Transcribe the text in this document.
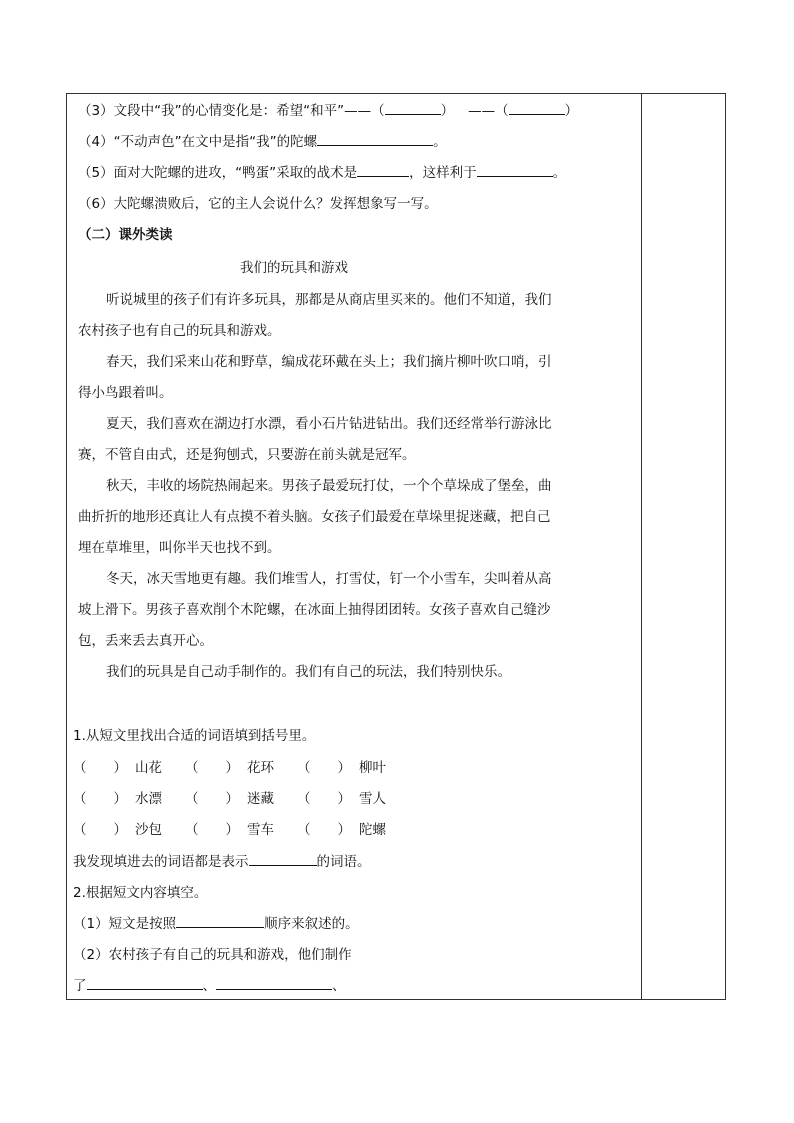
（3）文段中“我”的心情变化是：希望“和平”——（	） ——（	）
（4）“不动声色”在文中是指“我”的陀螺	。
（5）面对大陀螺的进攻，“鸭蛋”采取的战术是	，这样利于	。
（6）大陀螺溃败后，它的主人会说什么？发挥想象写一写。
（二）课外类读
我们的玩具和游戏
听说城里的孩子们有许多玩具，那都是从商店里买来的。他们不知道，我们
农村孩子也有自己的玩具和游戏。
春天，我们采来山花和野草，编成花环戴在头上；我们摘片柳叶吹口哨，引
得小鸟跟着叫。
夏天，我们喜欢在湖边打水漂，看小石片钻进钻出。我们还经常举行游泳比
赛，不管自由式，还是狗刨式，只要游在前头就是冠军。
秋天，丰收的场院热闹起来。男孩子最爱玩打仗，一个个草垛成了堡垒，曲
曲折折的地形还真让人有点摸不着头脑。女孩子们最爱在草垛里捉迷藏，把自己
埋在草堆里，叫你半天也找不到。
冬天，冰天雪地更有趣。我们堆雪人，打雪仗，钉一个小雪车，尖叫着从高
坡上滑下。男孩子喜欢削个木陀螺，在冰面上抽得团团转。女孩子喜欢自己缝沙
包，丢来丢去真开心。
我们的玩具是自己动手制作的。我们有自己的玩法，我们特别快乐。
1.从短文里找出合适的词语填到括号里。
（　　） 山花 （　　） 花环 （　　） 柳叶
（　　） 水漂 （　　） 迷藏 （　　） 雪人
（　　） 沙包 （　　） 雪车 （　　） 陀螺
我发现填进去的词语都是表示	的词语。
2.根据短文内容填空。
（1）短文是按照	顺序来叙述的。
（2）农村孩子有自己的玩具和游戏，他们制作
了	、	、
